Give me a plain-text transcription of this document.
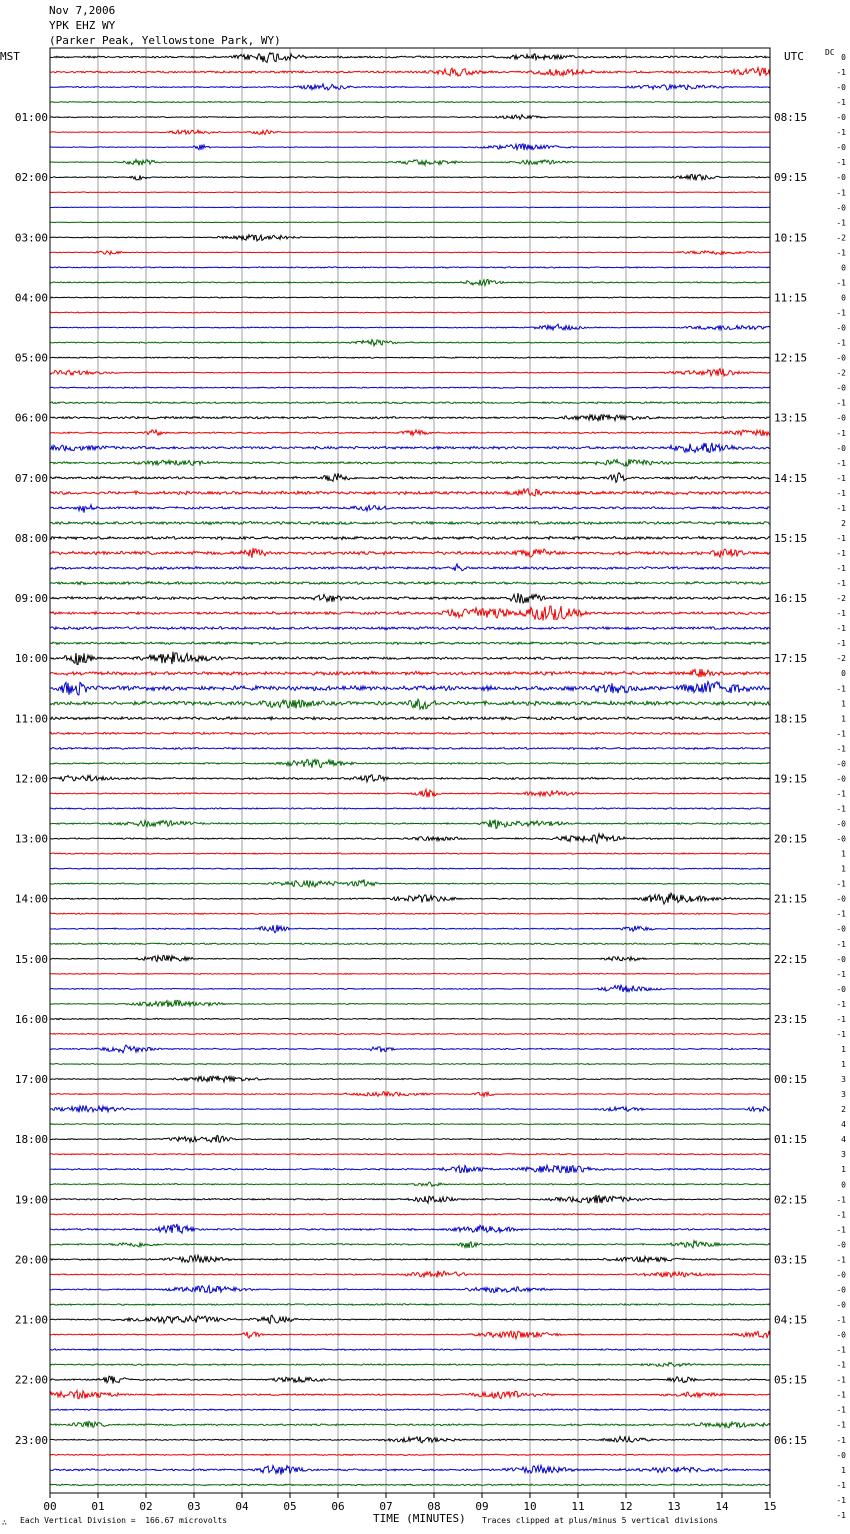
Nov 7,2006
YPK EHZ WY
(Parker Peak, Yellowstone Park, WY)
MST	UTC	DC
01:00
02:00
03:00
04:00
05:00
06:00
07:00
08:00
09:00
10:00
11:00
12:00
13:00
14:00
15:00
16:00
17:00
18:00
19:00
20:00
21:00
22:00
23:00
08:15
09:15
10:15
11:15
12:15
13:15
14:15
15:15
16:15
17:15
18:15
19:15
20:15
21:15
22:15
23:15
00:15
01:15
02:15
03:15
04:15
05:15
06:15
0
-1
-0
-1
-0
-1
-0
-1
-0
-1
-0
-1
-2
-1
0
-1
0
-1
-0
-1
-0
-2
-0
-1
-0
-1
-0
-1
-1
-1
-1
2
-1
-1
-1
-1
-2
-1
-1
-1
-2
0
-1
1
1
-1
-1
-0
-0
-1
-1
-0
-0
1
1
-1
-0
-1
-0
-1
-0
-1
-0
-1
-1
-1
1
1
3
3
2
4
4
3
1
0
-1
-1
-1
-0
-1
-0
-0
-0
-1
-0
-1
-1
-1
-1
-1
-1
-1
-0
1
-1
-1
-1
00	01	02	03	04	05	06	07	08	09	10	11	12	13	14	15
Each Vertical Division =  166.67 microvolts	TIME (MINUTES) Traces clipped at plus/minus 5 vertical divisions
∴
